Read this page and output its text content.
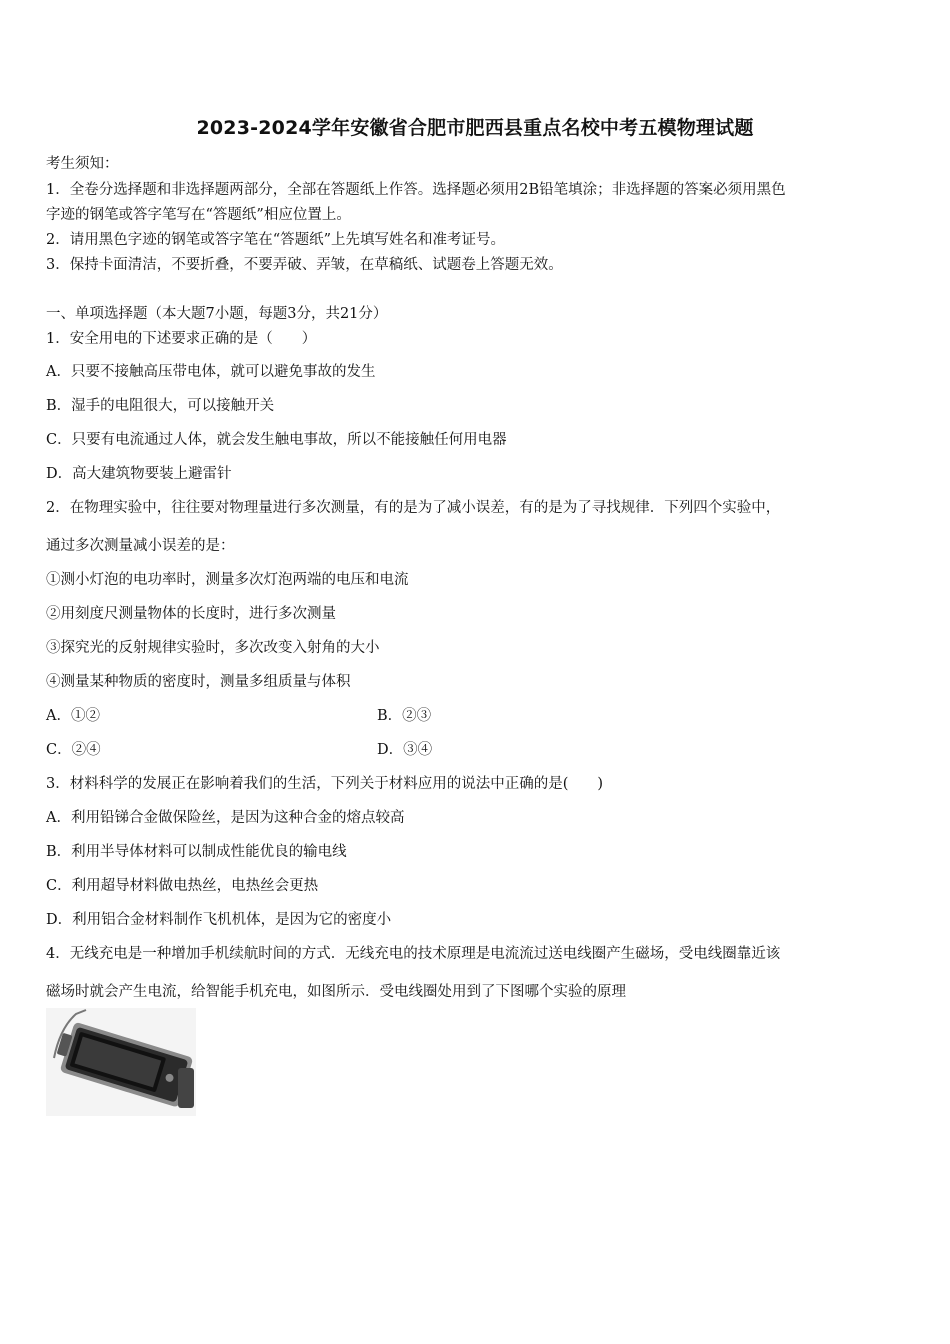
2023-2024学年安徽省合肥市肥西县重点名校中考五模物理试题
考生须知：
1．全卷分选择题和非选择题两部分，全部在答题纸上作答。选择题必须用2B铅笔填涂；非选择题的答案必须用黑色
字迹的钢笔或答字笔写在“答题纸”相应位置上。
2．请用黑色字迹的钢笔或答字笔在“答题纸”上先填写姓名和准考证号。
3．保持卡面清洁，不要折叠，不要弄破、弄皱，在草稿纸、试题卷上答题无效。
一、单项选择题（本大题7小题，每题3分，共21分）
1．安全用电的下述要求正确的是（　　）
A．只要不接触高压带电体，就可以避免事故的发生
B．湿手的电阻很大，可以接触开关
C．只要有电流通过人体，就会发生触电事故，所以不能接触任何用电器
D．高大建筑物要装上避雷针
2．在物理实验中，往往要对物理量进行多次测量，有的是为了减小误差，有的是为了寻找规律．下列四个实验中，
通过多次测量减小误差的是：
①测小灯泡的电功率时，测量多次灯泡两端的电压和电流
②用刻度尺测量物体的长度时，进行多次测量
③探究光的反射规律实验时，多次改变入射角的大小
④测量某种物质的密度时，测量多组质量与体积
A．①②	B．②③
C．②④	D．③④
3．材料科学的发展正在影响着我们的生活，下列关于材料应用的说法中正确的是(　　)
A．利用铅锑合金做保险丝，是因为这种合金的熔点较高
B．利用半导体材料可以制成性能优良的输电线
C．利用超导材料做电热丝，电热丝会更热
D．利用铝合金材料制作飞机机体，是因为它的密度小
4．无线充电是一种增加手机续航时间的方式．无线充电的技术原理是电流流过送电线圈产生磁场，受电线圈靠近该
磁场时就会产生电流，给智能手机充电，如图所示．受电线圈处用到了下图哪个实验的原理
